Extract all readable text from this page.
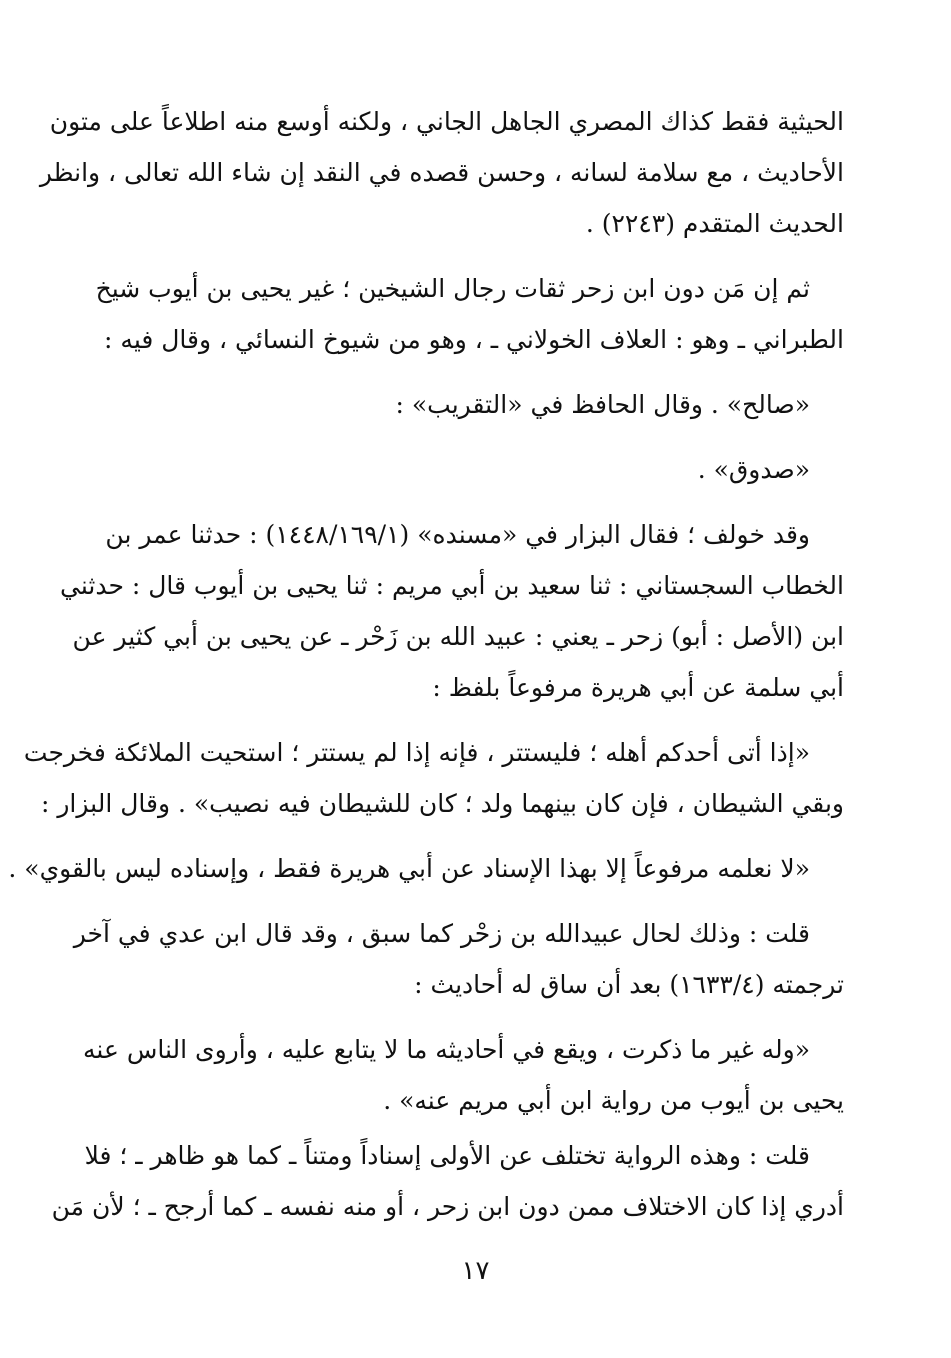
الحيثية فقط كذاك المصري الجاهل الجاني ، ولكنه أوسع منه اطلاعاً على متون
الأحاديث ، مع سلامة لسانه ، وحسن قصده في النقد إن شاء الله تعالى ، وانظر
الحديث المتقدم (٢٢٤٣) .

ثم إن مَن دون ابن زحر ثقات رجال الشيخين ؛ غير يحيى بن أيوب شيخ
الطبراني ـ وهو : العلاف الخولاني ـ ، وهو من شيوخ النسائي ، وقال فيه :

«صالح» . وقال الحافظ في «التقريب» :

«صدوق» .

وقد خولف ؛ فقال البزار في «مسنده» (١٤٤٨/١٦٩/١) : حدثنا عمر بن
الخطاب السجستاني : ثنا سعيد بن أبي مريم : ثنا يحيى بن أيوب قال : حدثني
ابن (الأصل : أبو) زحر ـ يعني : عبيد الله بن زَحْر ـ عن يحيى بن أبي كثير عن
أبي سلمة عن أبي هريرة مرفوعاً بلفظ :

«إذا أتى أحدكم أهله ؛ فليستتر ، فإنه إذا لم يستتر ؛ استحيت الملائكة فخرجت
وبقي الشيطان ، فإن كان بينهما ولد ؛ كان للشيطان فيه نصيب» . وقال البزار :

«لا نعلمه مرفوعاً إلا بهذا الإسناد عن أبي هريرة فقط ، وإسناده ليس بالقوي» .

قلت : وذلك لحال عبيدالله بن زحْر كما سبق ، وقد قال ابن عدي في آخر
ترجمته (١٦٣٣/٤) بعد أن ساق له أحاديث :

«وله غير ما ذكرت ، ويقع في أحاديثه ما لا يتابع عليه ، وأروى الناس عنه
يحيى بن أيوب من رواية ابن أبي مريم عنه» .

قلت : وهذه الرواية تختلف عن الأولى إسناداً ومتناً ـ كما هو ظاهر ـ ؛ فلا
أدري إذا كان الاختلاف ممن دون ابن زحر ، أو منه نفسه ـ كما أرجح ـ ؛ لأن مَن

١٧
